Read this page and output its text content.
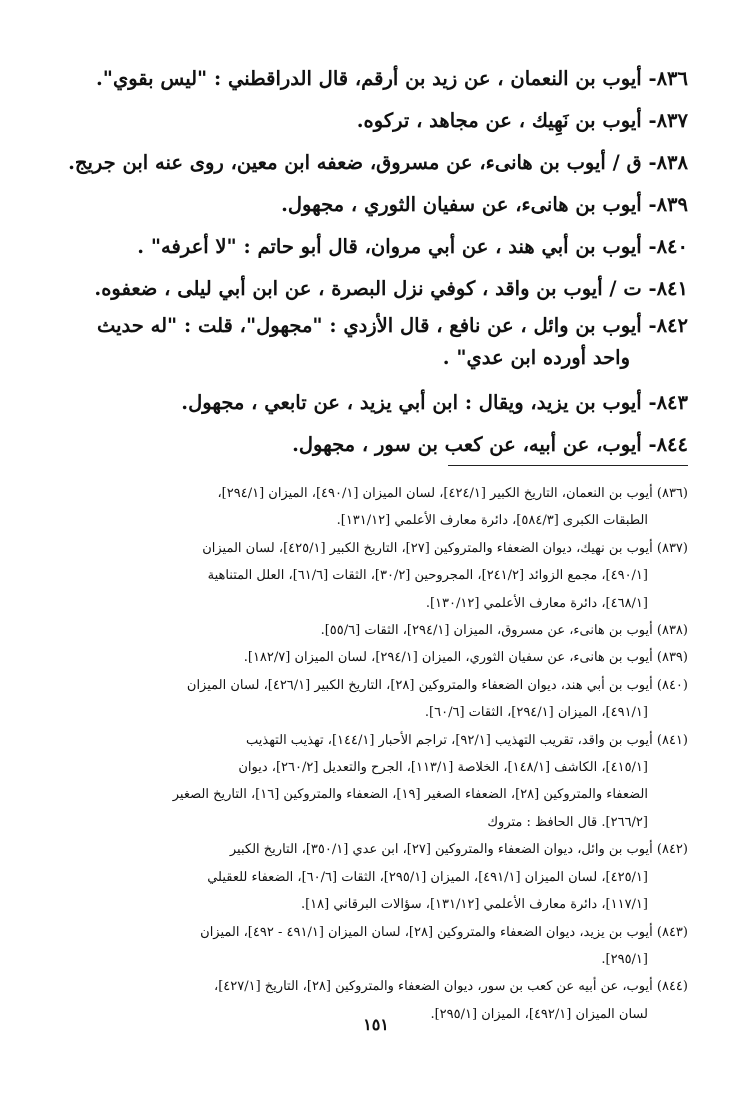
٨٣٦- أيوب بن النعمان ، عن زيد بن أرقم، قال الدراقطني : "ليس بقوي".
٨٣٧- أيوب بن نَهِيك ، عن مجاهد ، تركوه.
٨٣٨- ق / أيوب بن هانىء، عن مسروق، ضعفه ابن معين، روى عنه ابن جريج.
٨٣٩- أيوب بن هانىء، عن سفيان الثوري ، مجهول.
٨٤٠- أيوب بن أبي هند ، عن أبي مروان، قال أبو حاتم : "لا أعرفه" .
٨٤١- ت / أيوب بن واقد ، كوفي نزل البصرة ، عن ابن أبي ليلى ، ضعفوه.
٨٤٢- أيوب بن وائل ، عن نافع ، قال الأزدي : "مجهول"، قلت : "له حديث
واحد أورده ابن عدي" .
٨٤٣- أيوب بن يزيد، ويقال : ابن أبي يزيد ، عن تابعي ، مجهول.
٨٤٤- أيوب، عن أبيه، عن كعب بن سور ، مجهول.
(٨٣٦) أيوب بن النعمان، التاريخ الكبير [٤٢٤/١]، لسان الميزان [٤٩٠/١]، الميزان [٢٩٤/١]،
الطبقات الكبرى [٥٨٤/٣]، دائرة معارف الأعلمي [١٣١/١٢].
(٨٣٧) أيوب بن نهيك، ديوان الضعفاء والمتروكين [٢٧]، التاريخ الكبير [٤٢٥/١]، لسان الميزان
[٤٩٠/١]، مجمع الزوائد [٢٤١/٢]، المجروحين [٣٠/٢]، الثقات [٦١/٦]، العلل المتناهية
[٤٦٨/١]، دائرة معارف الأعلمي [١٣٠/١٢].
(٨٣٨) أيوب بن هانىء، عن مسروق، الميزان [٢٩٤/١]، الثقات [٥٥/٦].
(٨٣٩) أيوب بن هانىء، عن سفيان الثوري، الميزان [٢٩٤/١]، لسان الميزان [١٨٢/٧].
(٨٤٠) أيوب بن أبي هند، ديوان الضعفاء والمتروكين [٢٨]، التاريخ الكبير [٤٢٦/١]، لسان الميزان
[٤٩١/١]، الميزان [٢٩٤/١]، الثقات [٦٠/٦].
(٨٤١) أيوب بن واقد، تقريب التهذيب [٩٢/١]، تراجم الأحبار [١٤٤/١]، تهذيب التهذيب
[٤١٥/١]، الكاشف [١٤٨/١]، الخلاصة [١١٣/١]، الجرح والتعديل [٢٦٠/٢]، ديوان
الضعفاء والمتروكين [٢٨]، الضعفاء الصغير [١٩]، الضعفاء والمتروكين [١٦]، التاريخ الصغير
[٢٦٦/٢]. قال الحافظ : متروك
(٨٤٢) أيوب بن وائل، ديوان الضعفاء والمتروكين [٢٧]، ابن عدي [٣٥٠/١]، التاريخ الكبير
[٤٢٥/١]، لسان الميزان [٤٩١/١]، الميزان [٢٩٥/١]، الثقات [٦٠/٦]، الضعفاء للعقيلي
[١١٧/١]، دائرة معارف الأعلمي [١٣١/١٢]، سؤالات البرقاني [١٨].
(٨٤٣) أيوب بن يزيد، ديوان الضعفاء والمتروكين [٢٨]، لسان الميزان [٤٩١/١ - ٤٩٢]، الميزان
[٢٩٥/١].
(٨٤٤) أيوب، عن أبيه عن كعب بن سور، ديوان الضعفاء والمتروكين [٢٨]، التاريخ [٤٢٧/١]،
لسان الميزان [٤٩٢/١]، الميزان [٢٩٥/١].
١٥١
